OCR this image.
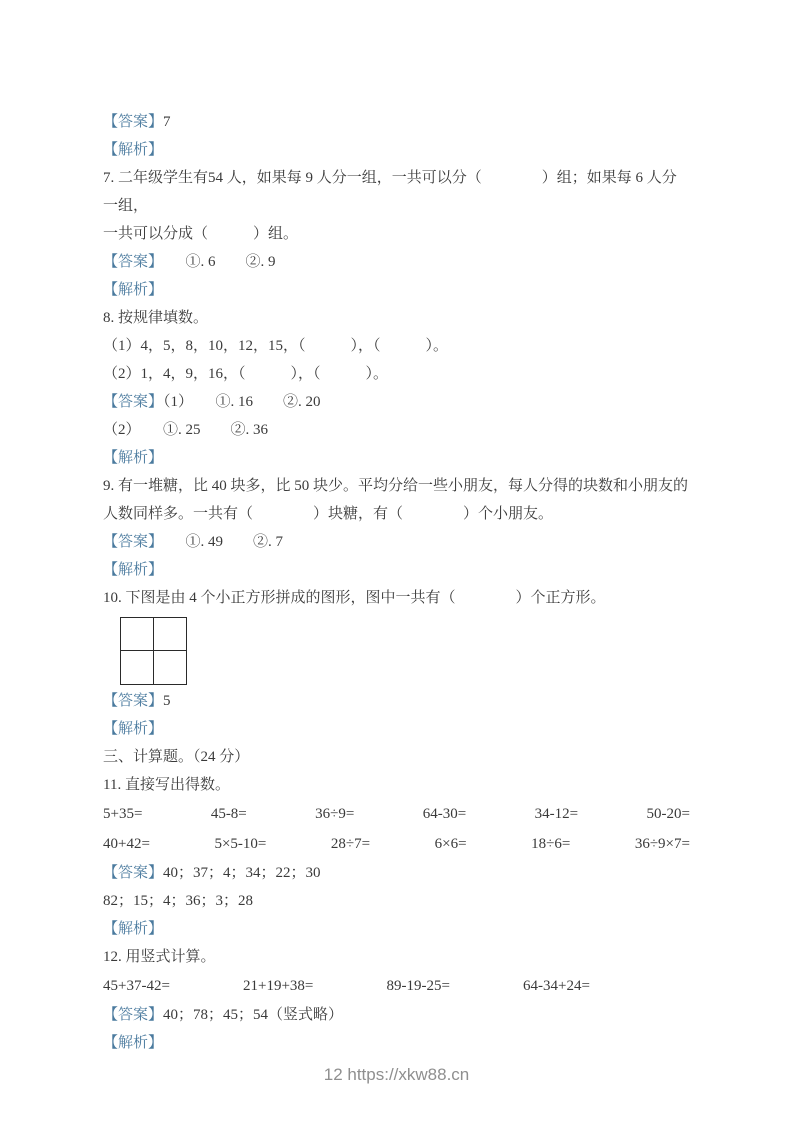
【答案】7
【解析】
7. 二年级学生有54 人，如果每 9 人分一组，一共可以分（　　　　）组；如果每 6 人分一组，
一共可以分成（　　　）组。
【答案】　　①. 6　　②. 9
【解析】
8. 按规律填数。
（1）4，5，8，10，12，15，（　　　），（　　　）。
（2）1，4，9，16，（　　　），（　　　）。
【答案】（1）　　①. 16　　②. 20
（2）　　①. 25　　②. 36
【解析】
9. 有一堆糖，比 40 块多，比 50 块少。平均分给一些小朋友，每人分得的块数和小朋友的
人数同样多。一共有（　　　　）块糖，有（　　　　）个小朋友。
【答案】　　①. 49　　②. 7
【解析】
10. 下图是由 4 个小正方形拼成的图形，图中一共有（　　　　）个正方形。
【答案】5
【解析】
三、计算题。（24 分）
11. 直接写出得数。
5+35=	45-8=	36÷9=	64-30=	34-12=	50-20=
40+42=	5×5-10=	28÷7=	6×6=	18÷6=	36÷9×7=
【答案】40；37；4；34；22；30
82；15；4；36；3；28
【解析】
12. 用竖式计算。
45+37-42=	21+19+38=	89-19-25=	64-34+24=
【答案】40；78；45；54（竖式略）
【解析】
12 https://xkw88.cn
